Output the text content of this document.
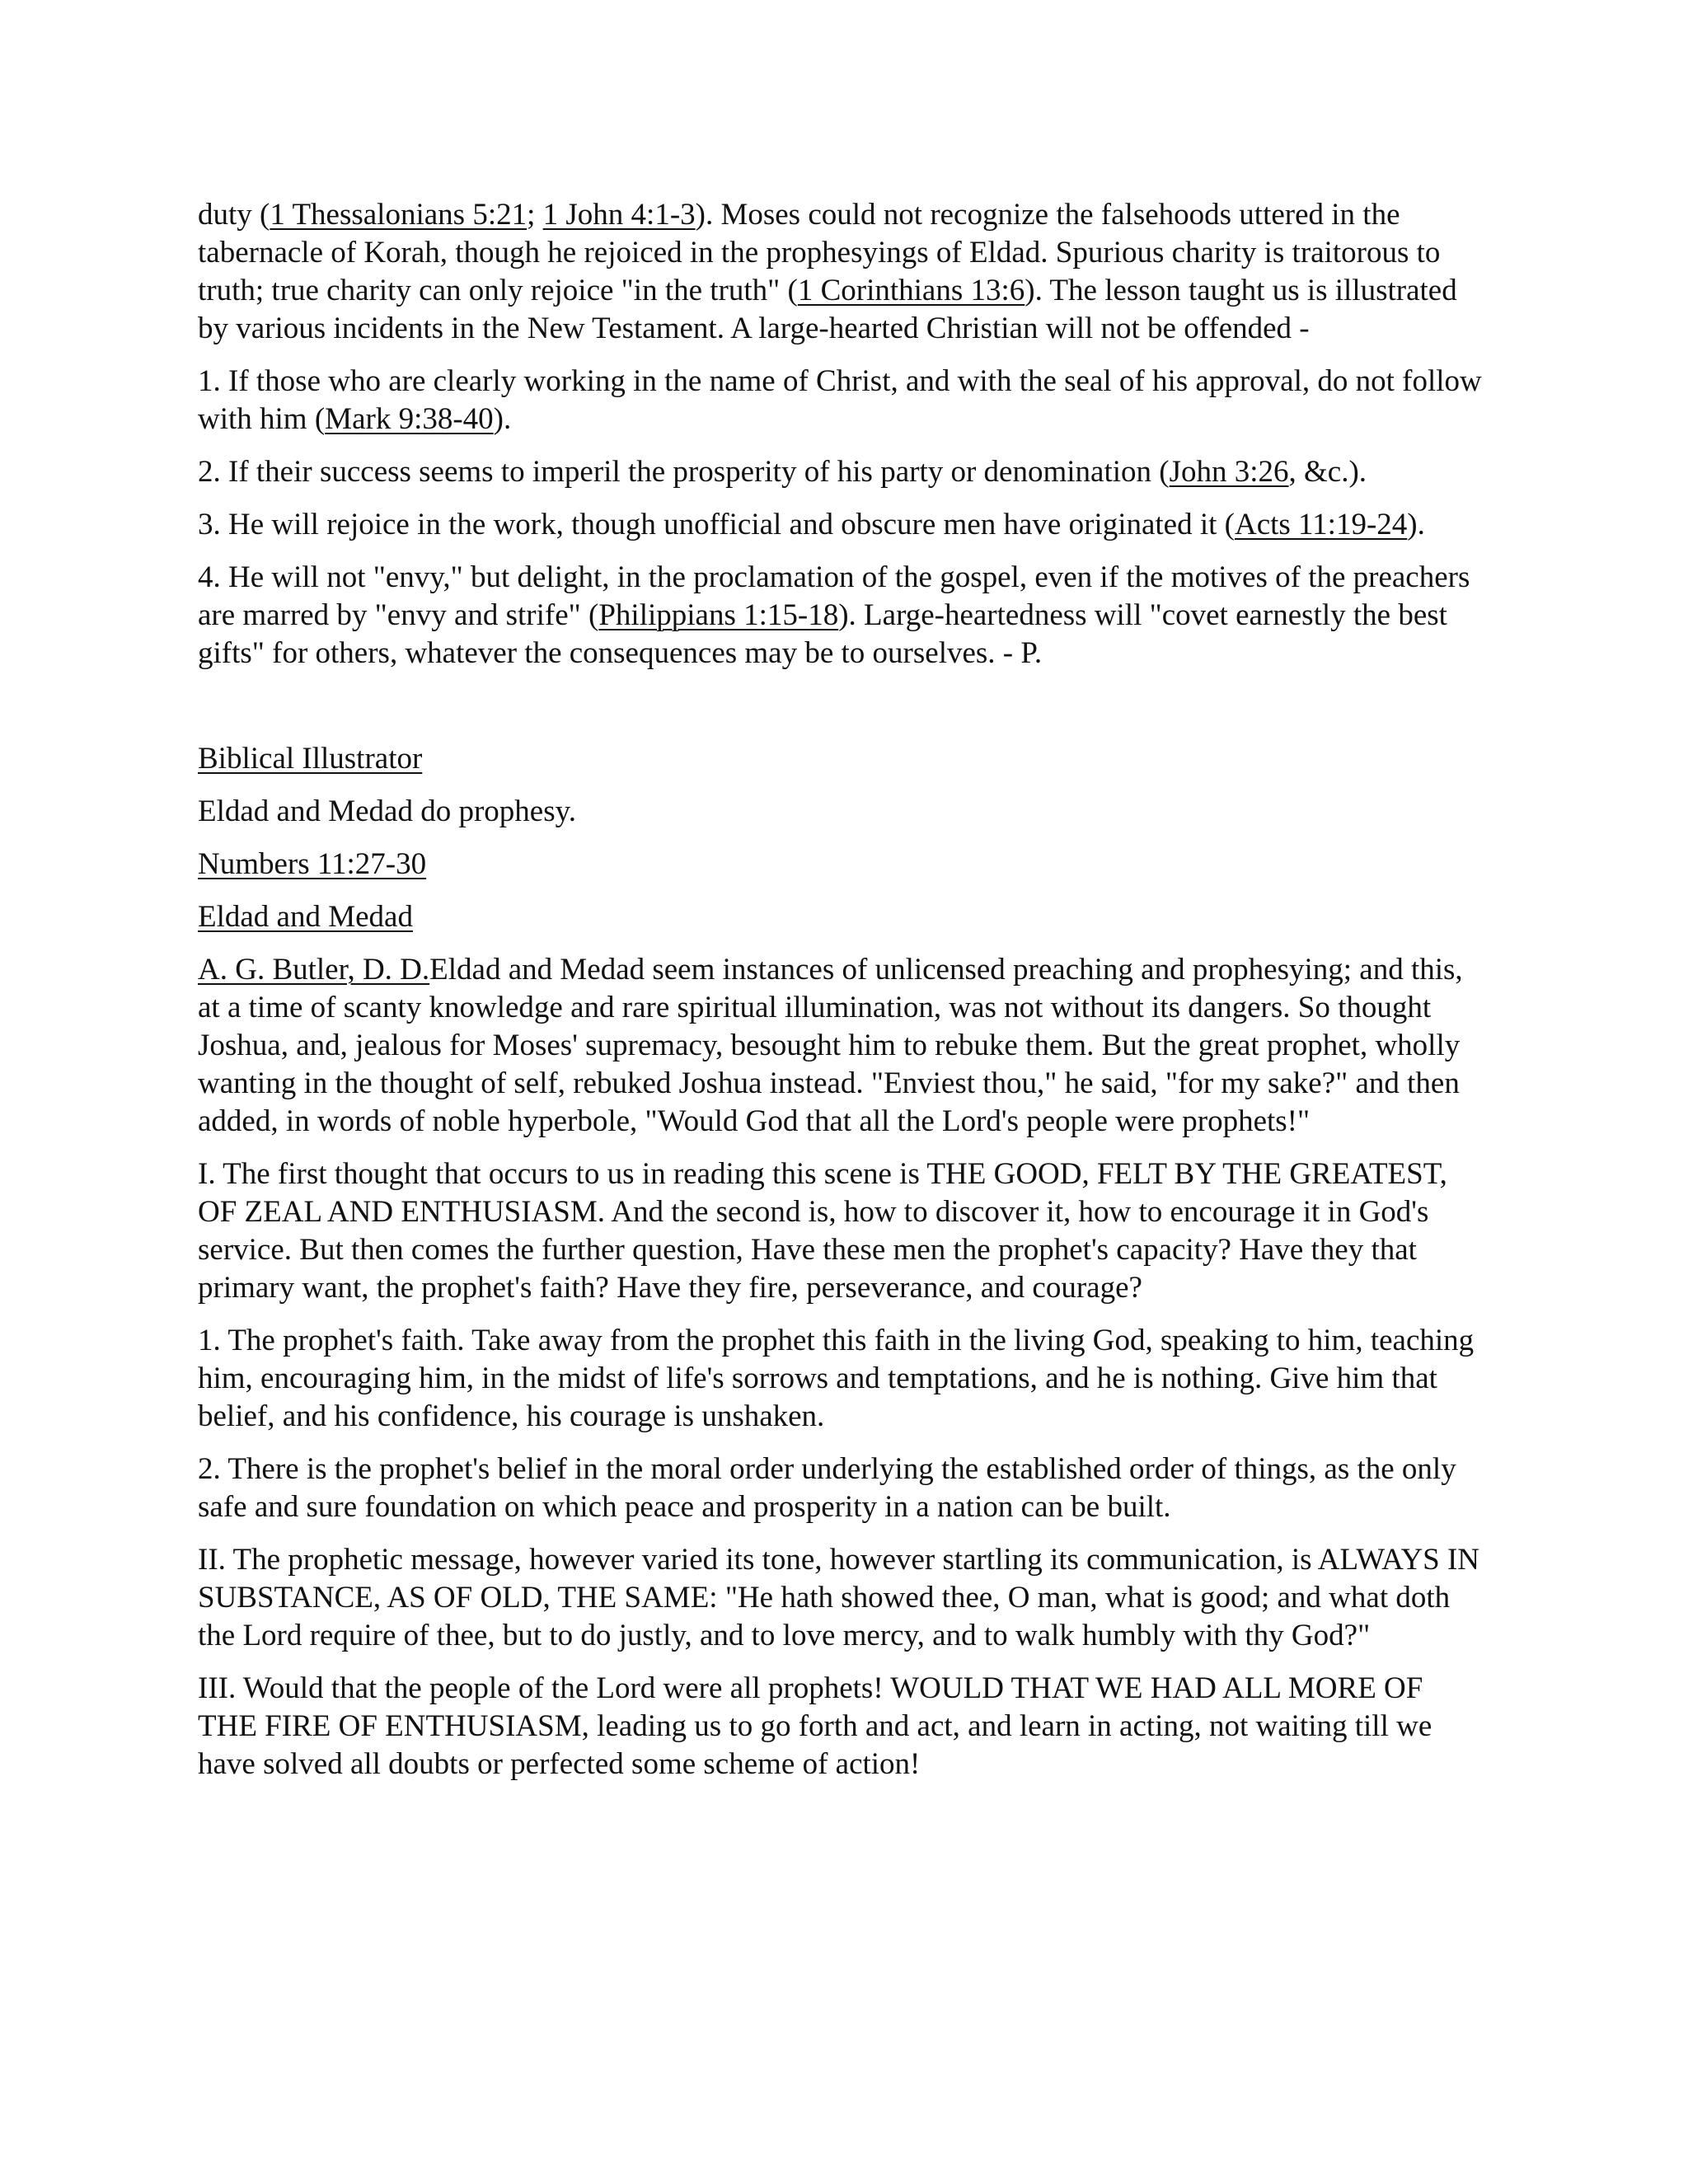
duty (1 Thessalonians 5:21; 1 John 4:1-3). Moses could not recognize the falsehoods uttered in the tabernacle of Korah, though he rejoiced in the prophesyings of Eldad. Spurious charity is traitorous to truth; true charity can only rejoice "in the truth" (1 Corinthians 13:6). The lesson taught us is illustrated by various incidents in the New Testament. A large-hearted Christian will not be offended -

1. If those who are clearly working in the name of Christ, and with the seal of his approval, do not follow with him (Mark 9:38-40).

2. If their success seems to imperil the prosperity of his party or denomination (John 3:26, &c.).

3. He will rejoice in the work, though unofficial and obscure men have originated it (Acts 11:19-24).

4. He will not "envy," but delight, in the proclamation of the gospel, even if the motives of the preachers are marred by "envy and strife" (Philippians 1:15-18). Large-heartedness will "covet earnestly the best gifts" for others, whatever the consequences may be to ourselves. - P.

Biblical Illustrator

Eldad and Medad do prophesy.

Numbers 11:27-30

Eldad and Medad

A. G. Butler, D. D.Eldad and Medad seem instances of unlicensed preaching and prophesying; and this, at a time of scanty knowledge and rare spiritual illumination, was not without its dangers. So thought Joshua, and, jealous for Moses' supremacy, besought him to rebuke them. But the great prophet, wholly wanting in the thought of self, rebuked Joshua instead. "Enviest thou," he said, "for my sake?" and then added, in words of noble hyperbole, "Would God that all the Lord's people were prophets!"

I. The first thought that occurs to us in reading this scene is THE GOOD, FELT BY THE GREATEST, OF ZEAL AND ENTHUSIASM. And the second is, how to discover it, how to encourage it in God's service. But then comes the further question, Have these men the prophet's capacity? Have they that primary want, the prophet's faith? Have they fire, perseverance, and courage?

1. The prophet's faith. Take away from the prophet this faith in the living God, speaking to him, teaching him, encouraging him, in the midst of life's sorrows and temptations, and he is nothing. Give him that belief, and his confidence, his courage is unshaken.

2. There is the prophet's belief in the moral order underlying the established order of things, as the only safe and sure foundation on which peace and prosperity in a nation can be built.

II. The prophetic message, however varied its tone, however startling its communication, is ALWAYS IN SUBSTANCE, AS OF OLD, THE SAME: "He hath showed thee, O man, what is good; and what doth the Lord require of thee, but to do justly, and to love mercy, and to walk humbly with thy God?"

III. Would that the people of the Lord were all prophets! WOULD THAT WE HAD ALL MORE OF THE FIRE OF ENTHUSIASM, leading us to go forth and act, and learn in acting, not waiting till we have solved all doubts or perfected some scheme of action!
